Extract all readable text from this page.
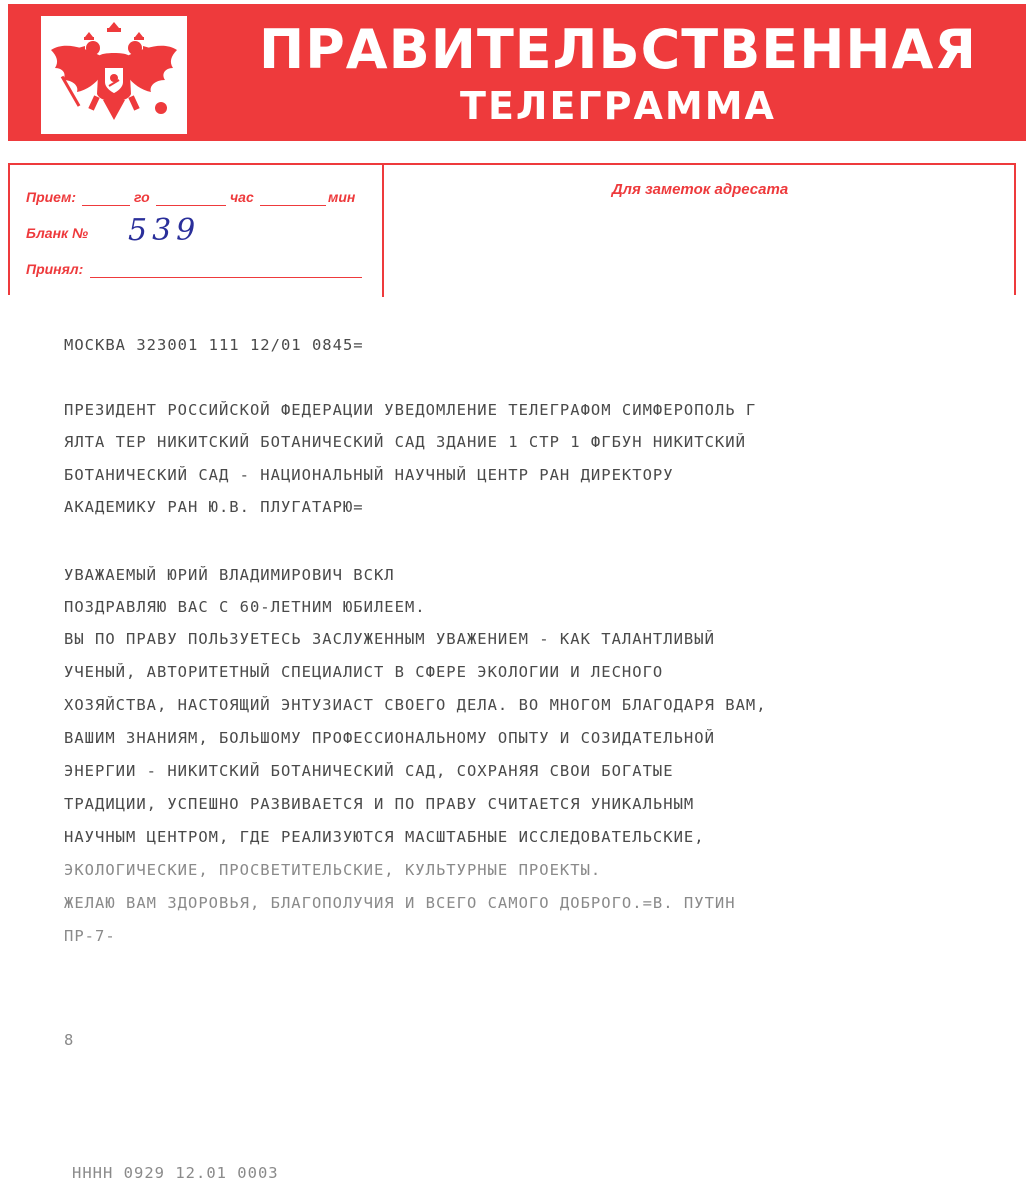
ПРАВИТЕЛЬСТВЕННАЯ
ТЕЛЕГРАММА
Прием:	го	час	мин
Бланк № 539
Принял:
Для заметок адресата

МОСКВА 323001 111 12/01 0845=

ПРЕЗИДЕНТ РОССИЙСКОЙ ФЕДЕРАЦИИ УВЕДОМЛЕНИЕ ТЕЛЕГРАФОМ СИМФЕРОПОЛЬ Г

ЯЛТА ТЕР НИКИТСКИЙ БОТАНИЧЕСКИЙ САД ЗДАНИЕ 1 СТР 1 ФГБУН НИКИТСКИЙ

БОТАНИЧЕСКИЙ САД - НАЦИОНАЛЬНЫЙ НАУЧНЫЙ ЦЕНТР РАН ДИРЕКТОРУ

АКАДЕМИКУ РАН Ю.В. ПЛУГАТАРЮ=

УВАЖАЕМЫЙ ЮРИЙ ВЛАДИМИРОВИЧ ВСКЛ

ПОЗДРАВЛЯЮ ВАС С 60-ЛЕТНИМ ЮБИЛЕЕМ.

ВЫ ПО ПРАВУ ПОЛЬЗУЕТЕСЬ ЗАСЛУЖЕННЫМ УВАЖЕНИЕМ - КАК ТАЛАНТЛИВЫЙ

УЧЕНЫЙ, АВТОРИТЕТНЫЙ СПЕЦИАЛИСТ В СФЕРЕ ЭКОЛОГИИ И ЛЕСНОГО

ХОЗЯЙСТВА, НАСТОЯЩИЙ ЭНТУЗИАСТ СВОЕГО ДЕЛА. ВО МНОГОМ БЛАГОДАРЯ ВАМ,

ВАШИМ ЗНАНИЯМ, БОЛЬШОМУ ПРОФЕССИОНАЛЬНОМУ ОПЫТУ И СОЗИДАТЕЛЬНОЙ

ЭНЕРГИИ - НИКИТСКИЙ БОТАНИЧЕСКИЙ САД, СОХРАНЯЯ СВОИ БОГАТЫЕ

ТРАДИЦИИ, УСПЕШНО РАЗВИВАЕТСЯ И ПО ПРАВУ СЧИТАЕТСЯ УНИКАЛЬНЫМ

НАУЧНЫМ ЦЕНТРОМ, ГДЕ РЕАЛИЗУЮТСЯ МАСШТАБНЫЕ ИССЛЕДОВАТЕЛЬСКИЕ,

ЭКОЛОГИЧЕСКИЕ, ПРОСВЕТИТЕЛЬСКИЕ, КУЛЬТУРНЫЕ ПРОЕКТЫ.

ЖЕЛАЮ ВАМ ЗДОРОВЬЯ, БЛАГОПОЛУЧИЯ И ВСЕГО САМОГО ДОБРОГО.=В. ПУТИН

ПР-7-

8

НННН 0929 12.01 0003
